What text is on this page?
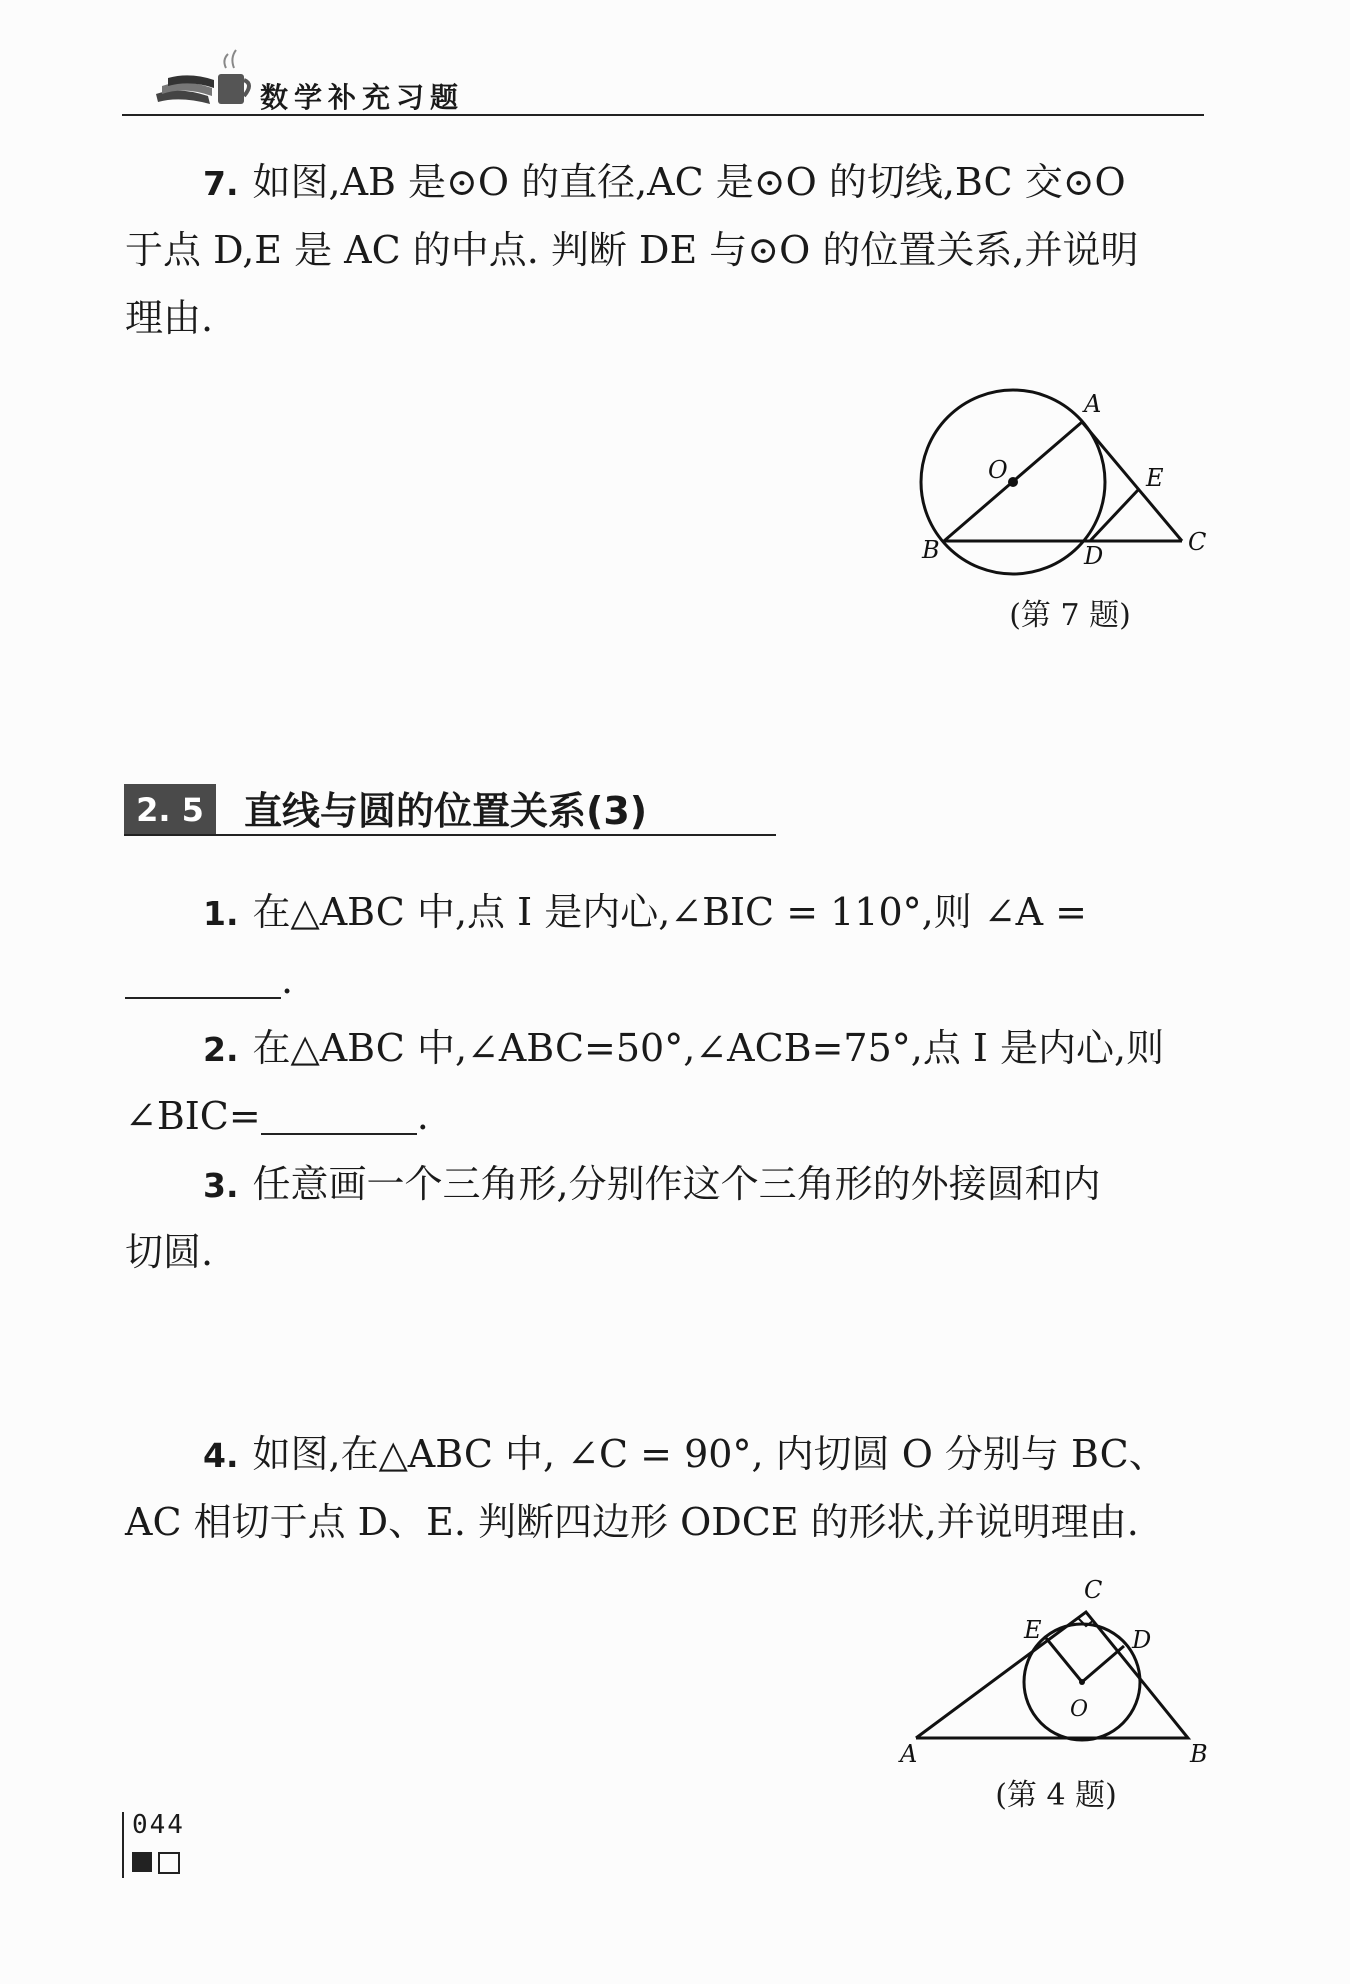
数学补充习题

7. 如图,AB 是⊙O 的直径,AC 是⊙O 的切线,BC 交⊙O

于点 D,E 是 AC 的中点. 判断 DE 与⊙O 的位置关系,并说明

理由.

A
O	E
B	D	C
(第 7 题)
2. 5	直线与圆的位置关系(3)

1. 在△ABC 中,点 I 是内心,∠BIC = 110°,则 ∠A =

.

2. 在△ABC 中,∠ABC=50°,∠ACB=75°,点 I 是内心,则

∠BIC=	.

3. 任意画一个三角形,分别作这个三角形的外接圆和内

切圆.

4. 如图,在△ABC 中, ∠C = 90°, 内切圆 O 分别与 BC、

AC 相切于点 D、E. 判断四边形 ODCE 的形状,并说明理由.

C
E	D
O
A	B
(第 4 题)
044
